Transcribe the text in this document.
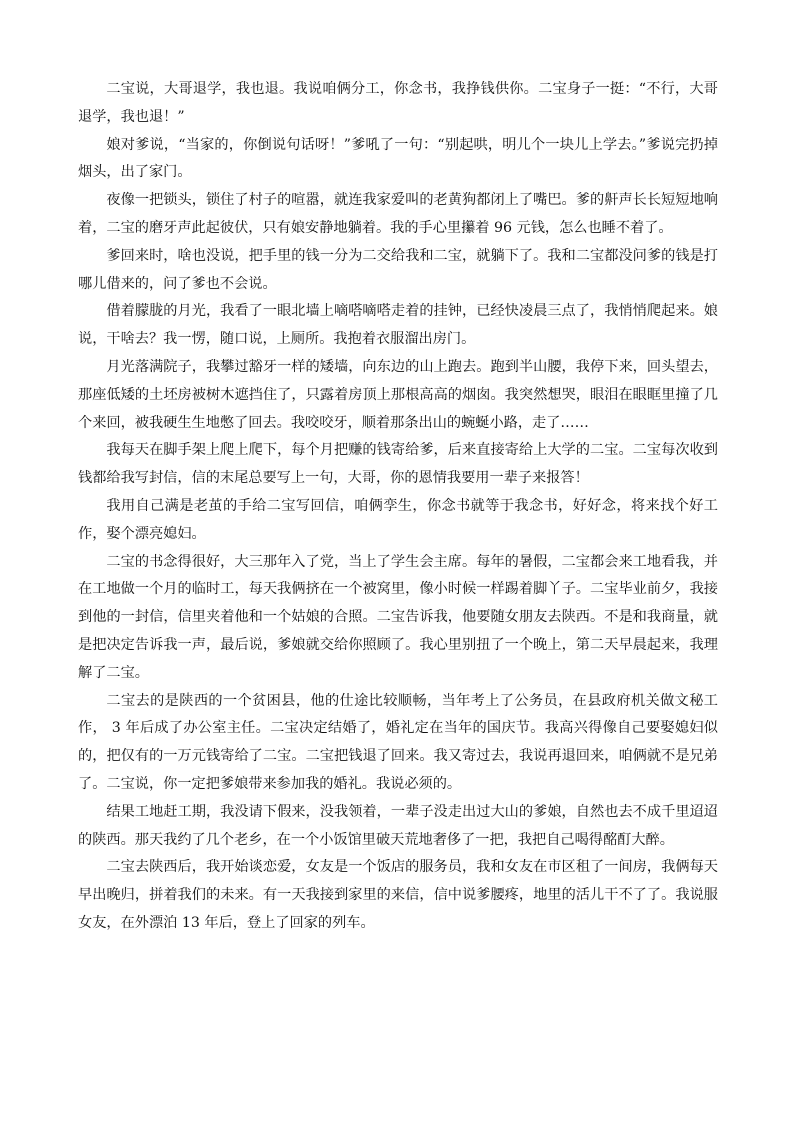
二宝说，大哥退学，我也退。我说咱俩分工，你念书，我挣钱供你。二宝身子一挺：“不行，大哥退学，我也退！”

娘对爹说，“当家的，你倒说句话呀！”爹吼了一句：“别起哄，明儿个一块儿上学去。”爹说完扔掉烟头，出了家门。

夜像一把锁头，锁住了村子的喧嚣，就连我家爱叫的老黄狗都闭上了嘴巴。爹的鼾声长长短短地响着，二宝的磨牙声此起彼伏，只有娘安静地躺着。我的手心里攥着 96 元钱，怎么也睡不着了。

爹回来时，啥也没说，把手里的钱一分为二交给我和二宝，就躺下了。我和二宝都没问爹的钱是打哪儿借来的，问了爹也不会说。

借着朦胧的月光，我看了一眼北墙上嘀嗒嘀嗒走着的挂钟，已经快凌晨三点了，我悄悄爬起来。娘说，干啥去？我一愣，随口说，上厕所。我抱着衣服溜出房门。

月光落满院子，我攀过豁牙一样的矮墙，向东边的山上跑去。跑到半山腰，我停下来，回头望去，那座低矮的土坯房被树木遮挡住了，只露着房顶上那根高高的烟囱。我突然想哭，眼泪在眼眶里撞了几个来回，被我硬生生地憋了回去。我咬咬牙，顺着那条出山的蜿蜒小路，走了……

我每天在脚手架上爬上爬下，每个月把赚的钱寄给爹，后来直接寄给上大学的二宝。二宝每次收到钱都给我写封信，信的末尾总要写上一句，大哥，你的恩情我要用一辈子来报答！

我用自己满是老茧的手给二宝写回信，咱俩孪生，你念书就等于我念书，好好念，将来找个好工作，娶个漂亮媳妇。

二宝的书念得很好，大三那年入了党，当上了学生会主席。每年的暑假，二宝都会来工地看我，并在工地做一个月的临时工，每天我俩挤在一个被窝里，像小时候一样踢着脚丫子。二宝毕业前夕，我接到他的一封信，信里夹着他和一个姑娘的合照。二宝告诉我，他要随女朋友去陕西。不是和我商量，就是把决定告诉我一声，最后说，爹娘就交给你照顾了。我心里别扭了一个晚上，第二天早晨起来，我理解了二宝。

二宝去的是陕西的一个贫困县，他的仕途比较顺畅，当年考上了公务员，在县政府机关做文秘工作， 3 年后成了办公室主任。二宝决定结婚了，婚礼定在当年的国庆节。我高兴得像自己要娶媳妇似的，把仅有的一万元钱寄给了二宝。二宝把钱退了回来。我又寄过去，我说再退回来，咱俩就不是兄弟了。二宝说，你一定把爹娘带来参加我的婚礼。我说必须的。

结果工地赶工期，我没请下假来，没我领着，一辈子没走出过大山的爹娘，自然也去不成千里迢迢的陕西。那天我约了几个老乡，在一个小饭馆里破天荒地奢侈了一把，我把自己喝得酩酊大醉。

二宝去陕西后，我开始谈恋爱，女友是一个饭店的服务员，我和女友在市区租了一间房，我俩每天早出晚归，拼着我们的未来。有一天我接到家里的来信，信中说爹腰疼，地里的活儿干不了了。我说服女友，在外漂泊 13 年后，登上了回家的列车。
